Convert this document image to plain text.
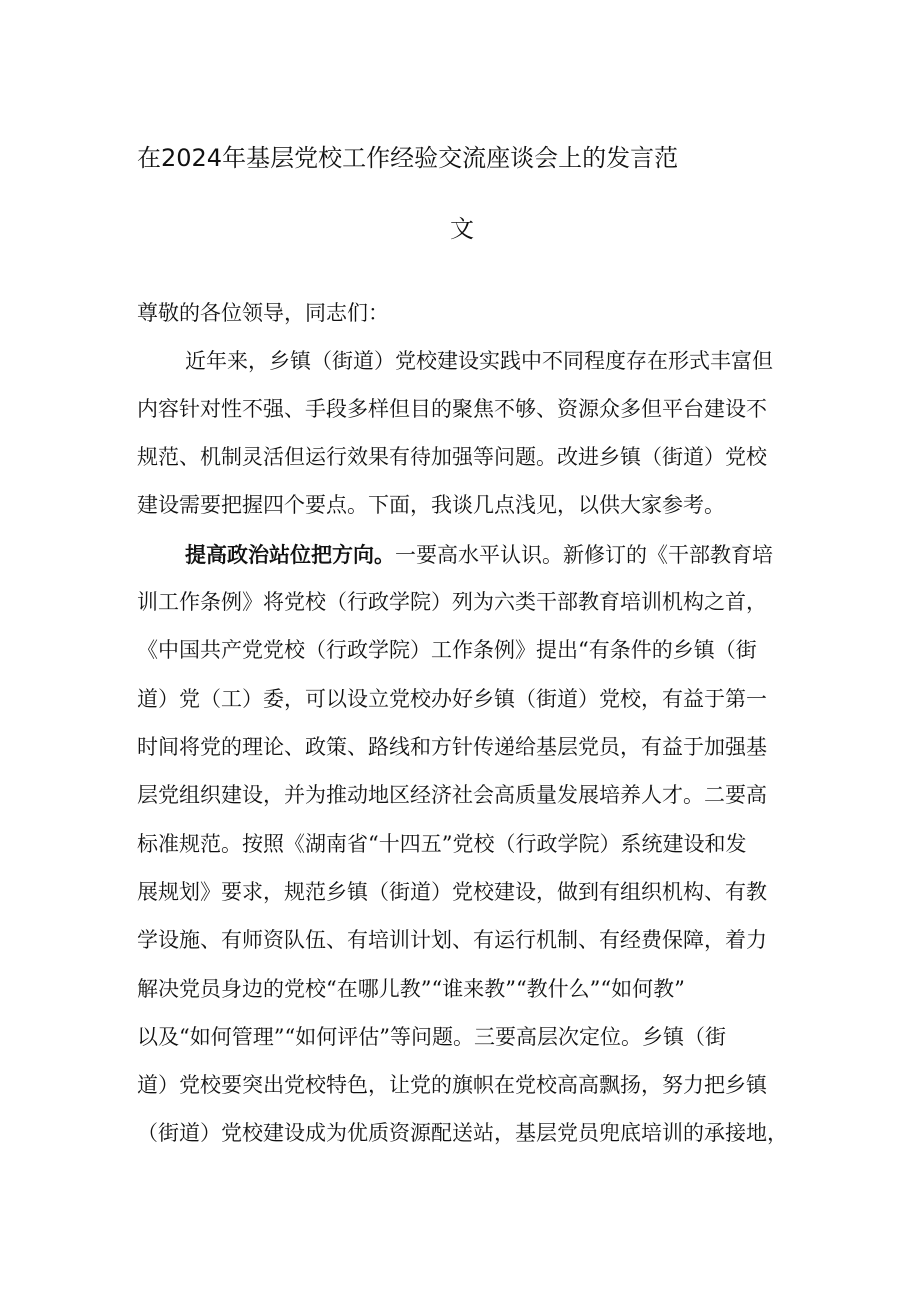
在2024年基层党校工作经验交流座谈会上的发言范
文
尊敬的各位领导，同志们：
近年来，乡镇（街道）党校建设实践中不同程度存在形式丰富但
内容针对性不强、手段多样但目的聚焦不够、资源众多但平台建设不
规范、机制灵活但运行效果有待加强等问题。改进乡镇（街道）党校
建设需要把握四个要点。下面，我谈几点浅见，以供大家参考。
提高政治站位把方向。一要高水平认识。新修订的《干部教育培
训工作条例》将党校（行政学院）列为六类干部教育培训机构之首，
《中国共产党党校（行政学院）工作条例》提出“有条件的乡镇（街
道）党（工）委，可以设立党校办好乡镇（街道）党校，有益于第一
时间将党的理论、政策、路线和方针传递给基层党员，有益于加强基
层党组织建设，并为推动地区经济社会高质量发展培养人才。二要高
标准规范。按照《湖南省“十四五”党校（行政学院）系统建设和发
展规划》要求，规范乡镇（街道）党校建设，做到有组织机构、有教
学设施、有师资队伍、有培训计划、有运行机制、有经费保障，着力
解决党员身边的党校“在哪儿教”“谁来教”“教什么”“如何教”
以及“如何管理”“如何评估”等问题。三要高层次定位。乡镇（街
道）党校要突出党校特色，让党的旗帜在党校高高飘扬，努力把乡镇
（街道）党校建设成为优质资源配送站，基层党员兜底培训的承接地，
